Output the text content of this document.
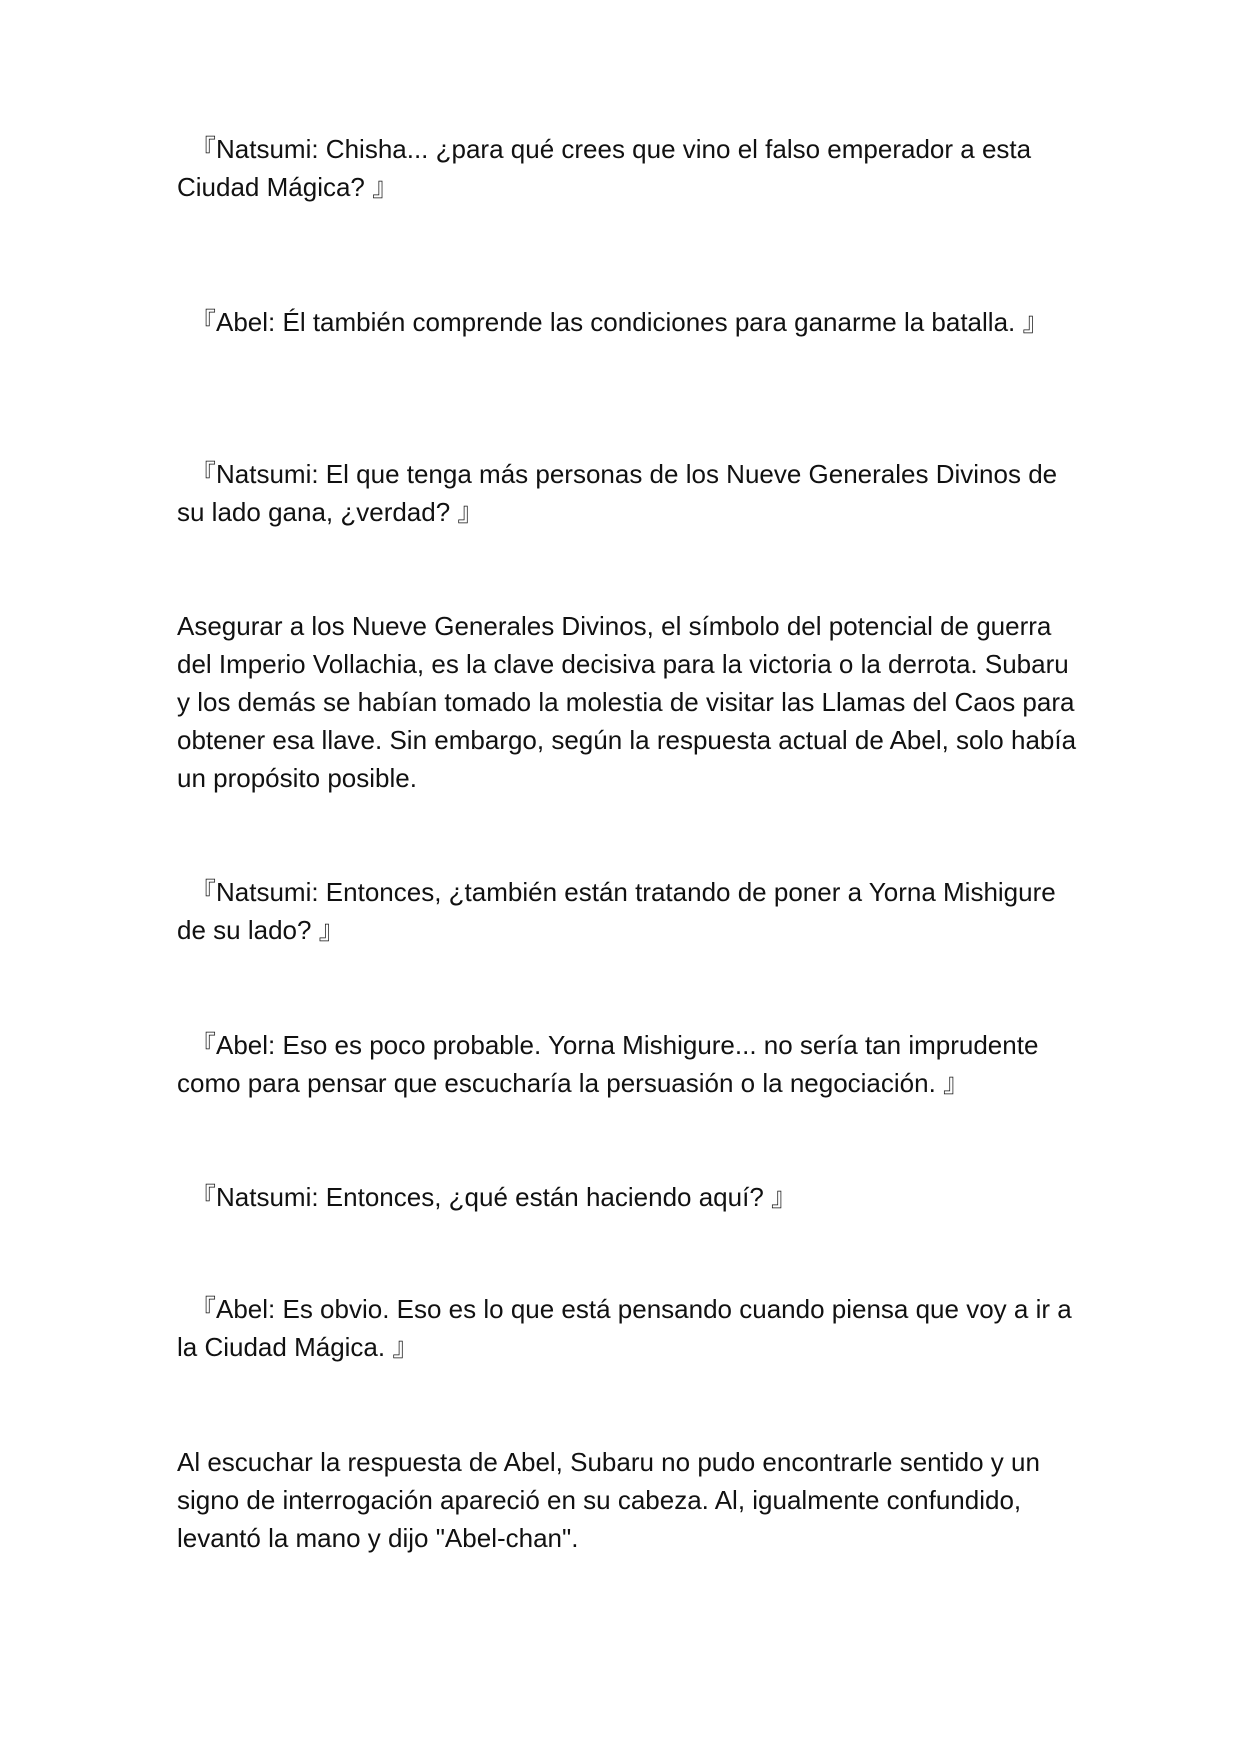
　『Natsumi: Chisha... ¿para qué crees que vino el falso emperador a esta Ciudad Mágica? 』

　『Abel: Él también comprende las condiciones para ganarme la batalla. 』

　『Natsumi: El que tenga más personas de los Nueve Generales Divinos de su lado gana, ¿verdad? 』

Asegurar a los Nueve Generales Divinos, el símbolo del potencial de guerra del Imperio Vollachia, es la clave decisiva para la victoria o la derrota. Subaru y los demás se habían tomado la molestia de visitar las Llamas del Caos para obtener esa llave. Sin embargo, según la respuesta actual de Abel, solo había un propósito posible.

　『Natsumi: Entonces, ¿también están tratando de poner a Yorna Mishigure de su lado? 』

　『Abel: Eso es poco probable. Yorna Mishigure... no sería tan imprudente como para pensar que escucharía la persuasión o la negociación. 』

　『Natsumi: Entonces, ¿qué están haciendo aquí? 』

　『Abel: Es obvio. Eso es lo que está pensando cuando piensa que voy a ir a la Ciudad Mágica. 』

Al escuchar la respuesta de Abel, Subaru no pudo encontrarle sentido y un signo de interrogación apareció en su cabeza. Al, igualmente confundido, levantó la mano y dijo "Abel-chan".
